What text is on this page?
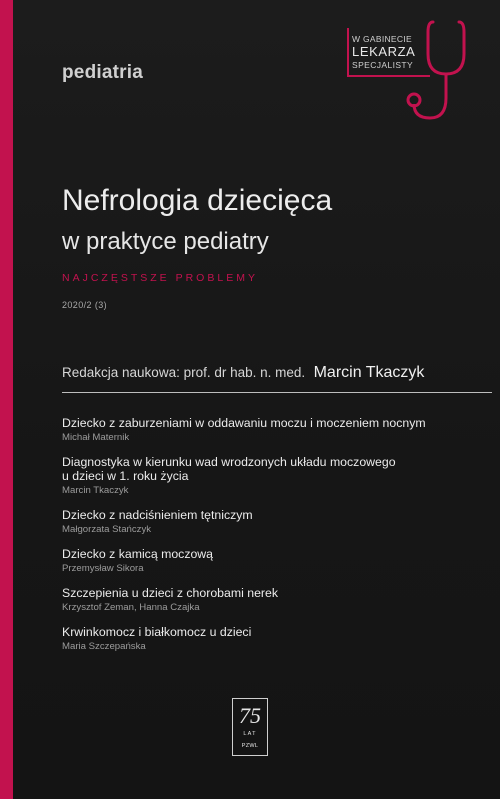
pediatria
W GABINECIE
LEKARZA
SPECJALISTY
Nefrologia dziecięca
w praktyce pediatry
NAJCZĘSTSZE PROBLEMY
2020/2 (3)
Redakcja naukowa: prof. dr hab. n. med. Marcin Tkaczyk
Dziecko z zaburzeniami w oddawaniu moczu i moczeniem nocnym
Michał Maternik
Diagnostyka w kierunku wad wrodzonych układu moczowego
u dzieci w 1. roku życia
Marcin Tkaczyk
Dziecko z nadciśnieniem tętniczym
Małgorzata Stańczyk
Dziecko z kamicą moczową
Przemysław Sikora
Szczepienia u dzieci z chorobami nerek
Krzysztof Zeman, Hanna Czajka
Krwinkomocz i białkomocz u dzieci
Maria Szczepańska
75
LAT
PZWL
